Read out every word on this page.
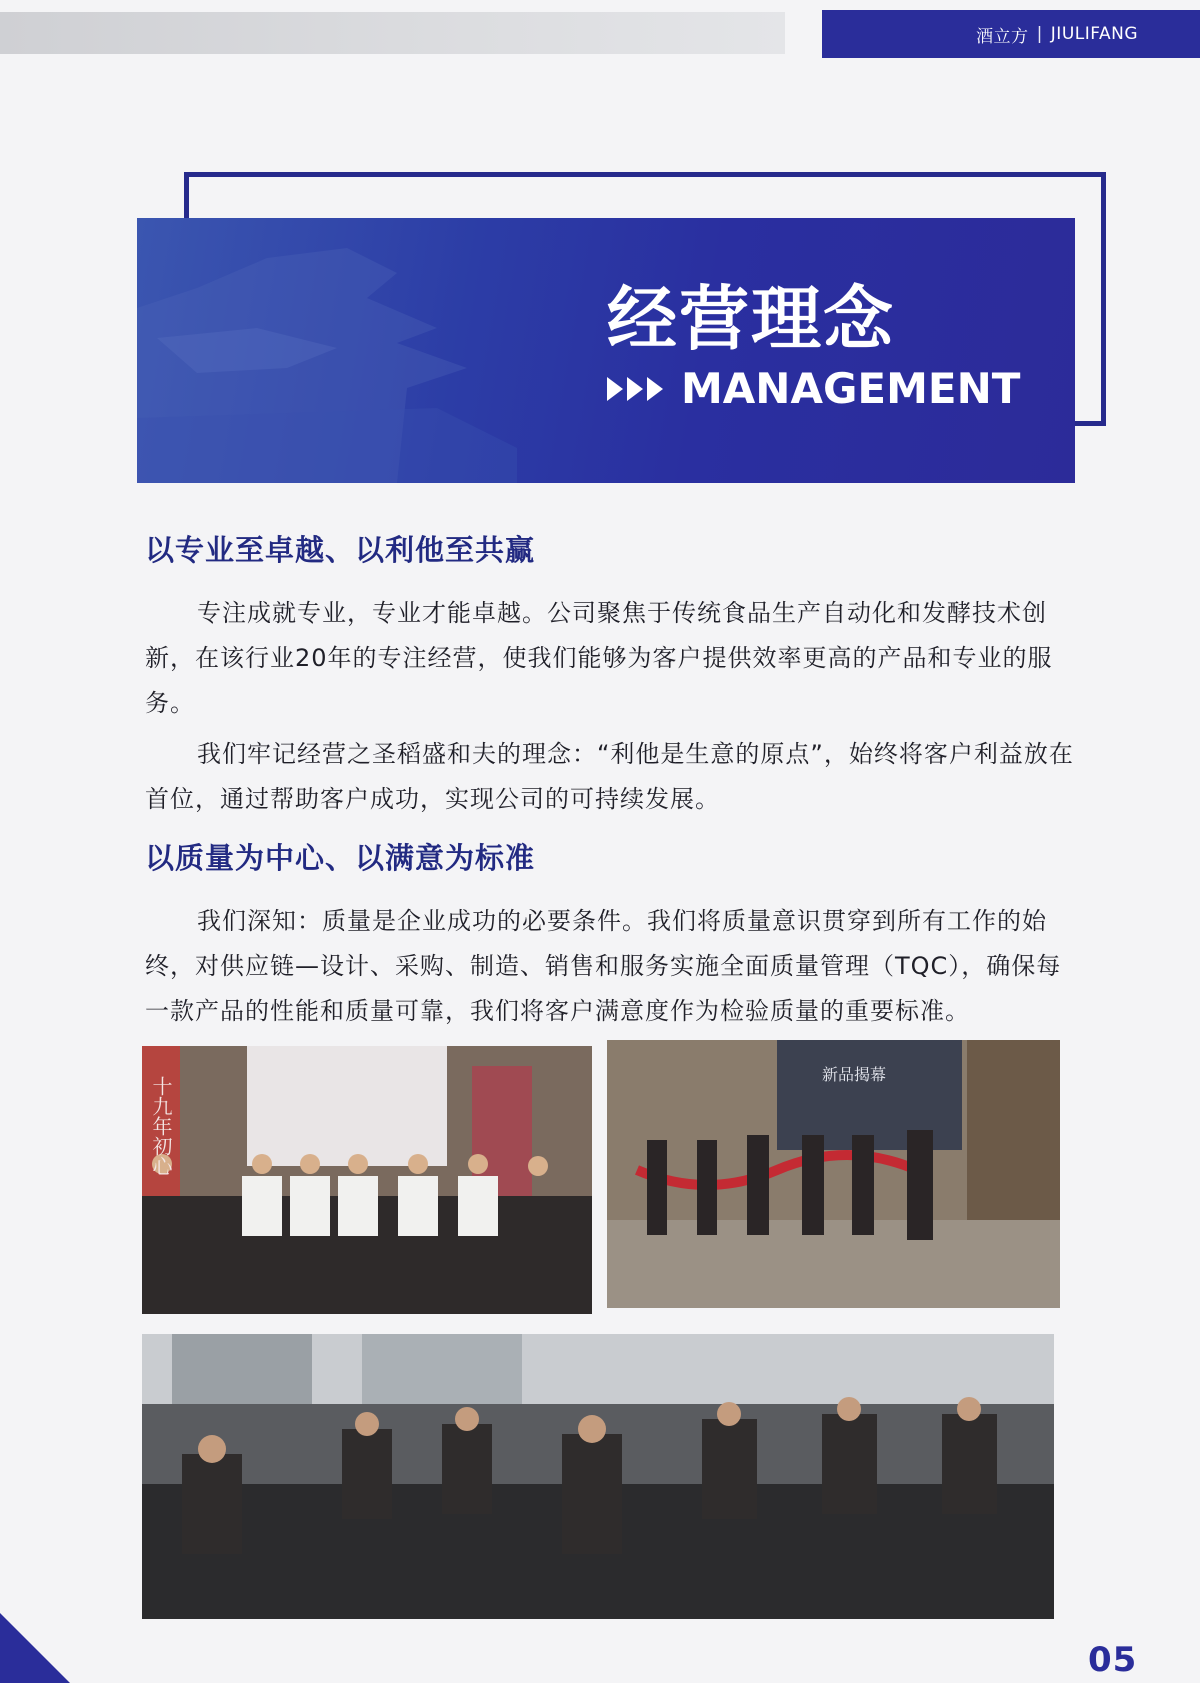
酒立方 | JIULIFANG
经营理念
MANAGEMENT
以专业至卓越、以利他至共赢

专注成就专业，专业才能卓越。公司聚焦于传统食品生产自动化和发酵技术创新，在该行业20年的专注经营，使我们能够为客户提供效率更高的产品和专业的服务。

我们牢记经营之圣稻盛和夫的理念：“利他是生意的原点”，始终将客户利益放在首位，通过帮助客户成功，实现公司的可持续发展。

以质量为中心、以满意为标准

我们深知：质量是企业成功的必要条件。我们将质量意识贯穿到所有工作的始终，对供应链—设计、采购、制造、销售和服务实施全面质量管理（TQC），确保每一款产品的性能和质量可靠，我们将客户满意度作为检验质量的重要标准。

十九年初心
新品揭幕
05
